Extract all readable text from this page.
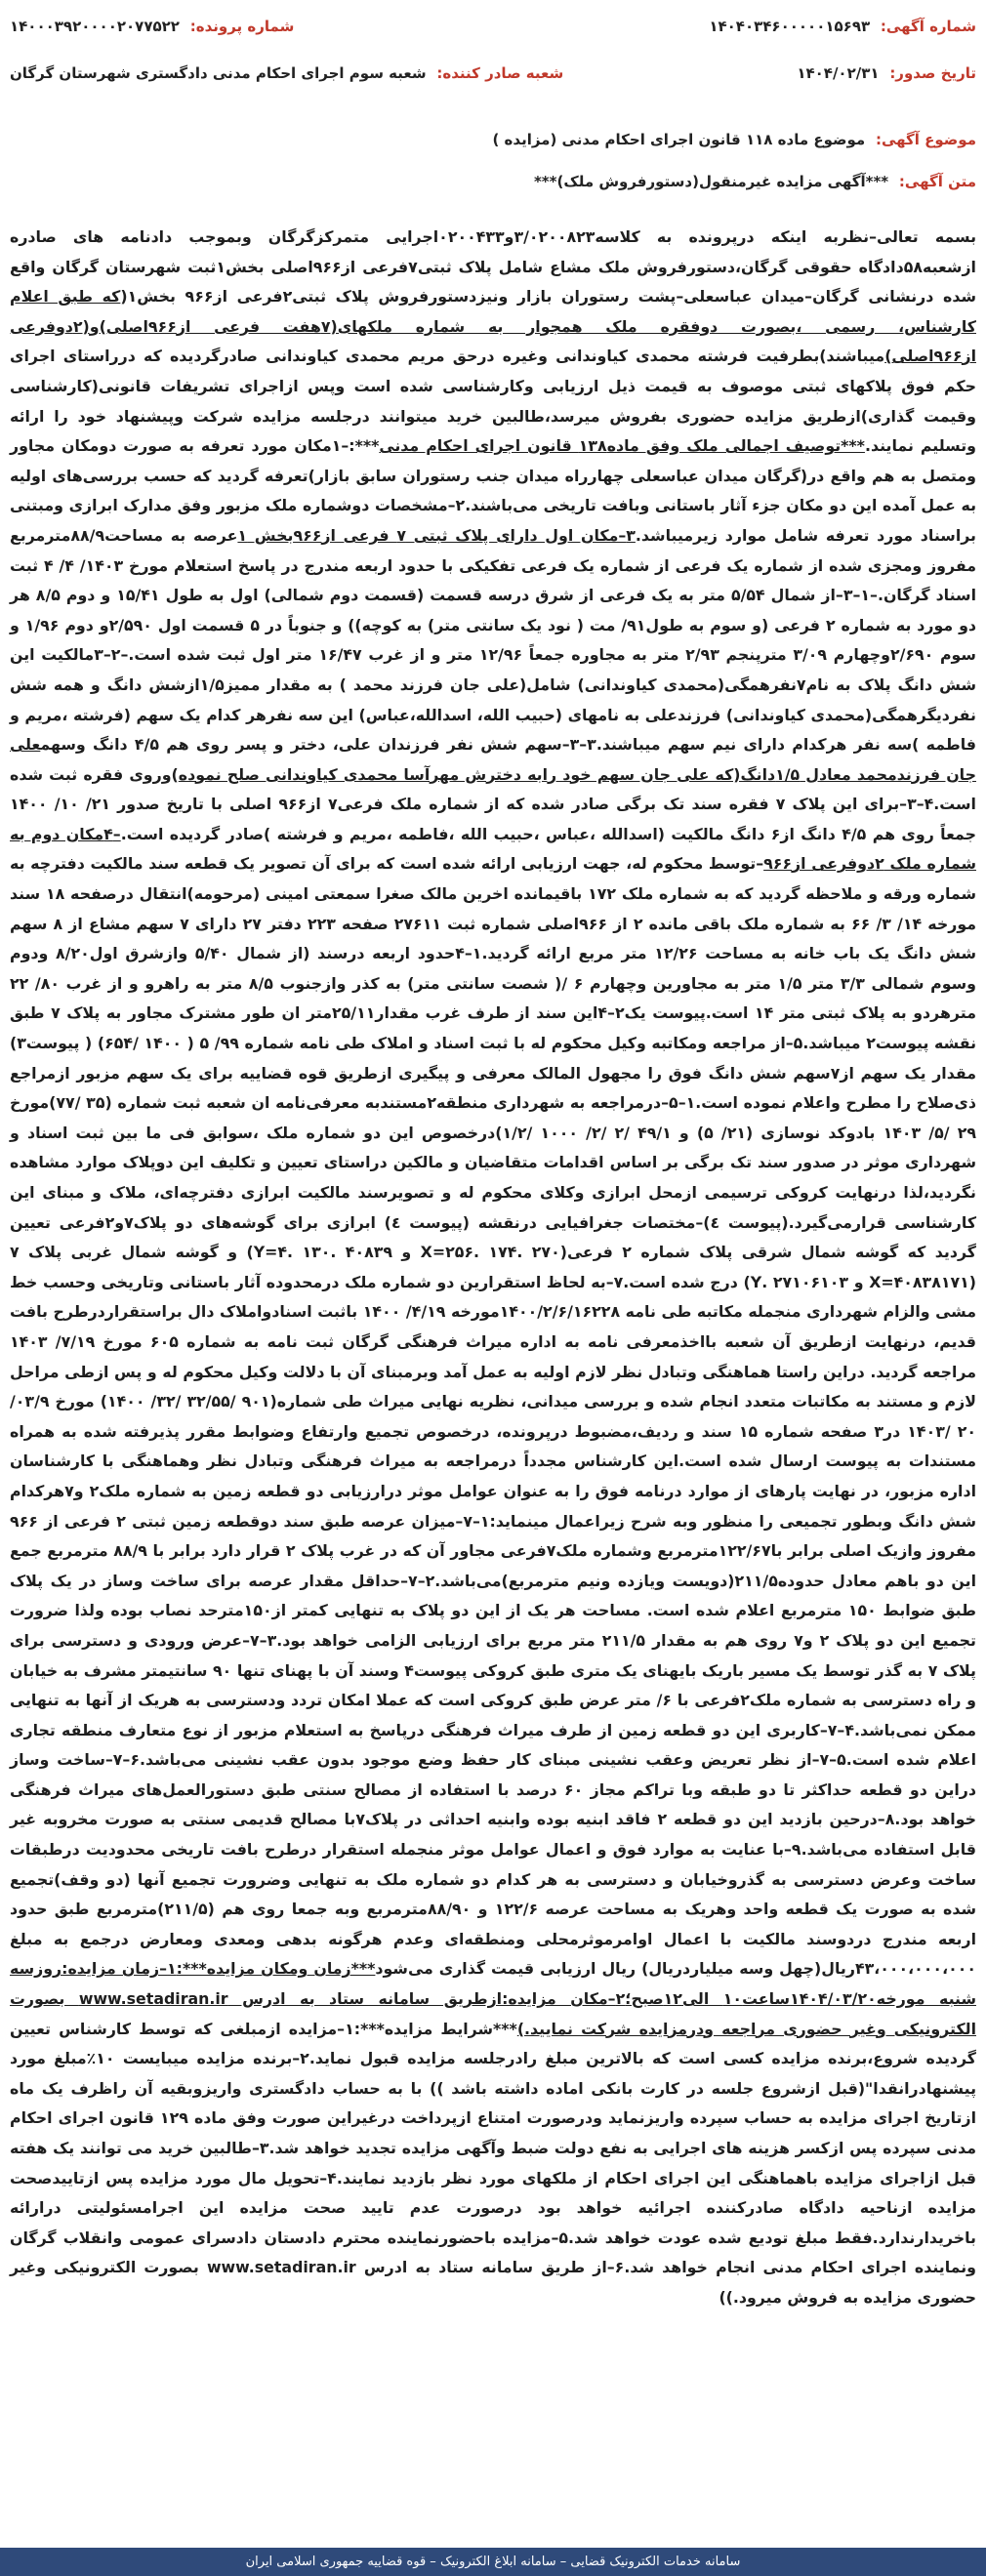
شماره آگهی: ۱۴۰۴۰۳۴۶۰۰۰۰۰۱۵۶۹۳
شماره پرونده: ۱۴۰۰۰۳۹۲۰۰۰۰۲۰۷۷۵۲۲
تاریخ صدور: ۱۴۰۴/۰۲/۳۱
شعبه صادر کننده: شعبه سوم اجرای احکام مدنی دادگستری شهرستان گرگان
موضوع آگهی: موضوع ماده ۱۱۸ قانون اجرای احکام مدنی (مزایده )
متن آگهی: ***آگهی مزایده غیرمنقول(دستورفروش ملک)***
بسمه تعالی–نظربه اینکه درپرونده به کلاسه۳/۰۲۰۰۸۲۳و۰۲۰۰۴۳۳اجرایی متمرکزگرگان وبموجب دادنامه های صادره ازشعبه۵۸دادگاه حقوقی گرگان،دستورفروش ملک مشاع شامل پلاک ثبتی۷فرعی از۹۶۶اصلی بخش۱ثبت شهرستان گرگان واقع شده درنشانی گرگان–میدان عباسعلی–پشت رستوران بازار ونیزدستورفروش پلاک ثبتی۲فرعی از۹۶۶ بخش۱(که طبق اعلام کارشناس، رسمی ،بصورت دوفقره ملک همجوار به شماره ملکهای(۷هفت فرعی از۹۶۶اصلی)و(۲دوفرعی از۹۶۶اصلی)میباشند)بطرفیت فرشته محمدی کیاوندانی وغیره درحق مریم محمدی کیاوندانی صادرگردیده که درراستای اجرای حکم فوق پلاکهای ثبتی موصوف به قیمت ذیل ارزیابی وکارشناسی شده است وپس ازاجرای تشریفات قانونی(کارشناسی وقیمت گذاری)ازطریق مزایده حضوری بفروش میرسد،طالبین خرید میتوانند درجلسه مزایده شرکت وپیشنهاد خود را ارائه وتسلیم نمایند.***توصیف اجمالی ملک وفق ماده۱۳۸ قانون اجرای احکام مدنی***:–۱مکان مورد تعرفه به صورت دومکان مجاور ومتصل به هم واقع در(گرگان میدان عباسعلی چهارراه میدان جنب رستوران سابق بازار)تعرفه گردید که حسب بررسی‌های اولیه به عمل آمده این دو مکان جزء آثار باستانی وبافت تاریخی می‌باشند.۲–مشخصات دوشماره ملک مزبور وفق مدارک ابرازی ومبتنی براسناد مورد تعرفه شامل موارد زیرمیباشد.۳–مکان اول دارای پلاک ثبتی ۷ فرعی از۹۶۶بخش ۱عرصه به مساحت۸۸/۹مترمربع مفروز ومجزی شده از شماره یک فرعی از شماره یک فرعی تفکیکی با حدود اربعه مندرج در پاسخ استعلام مورخ ۱۴۰۳/ ۴/ ۴ ثبت اسناد گرگان.–۱–۳–از شمال ۵/۵۴ متر به یک فرعی از شرق درسه قسمت (قسمت دوم شمالی) اول به طول ۱۵/۴۱ و دوم ۸/۵ هر دو مورد به شماره ۲ فرعی (و سوم به طول۹۱/ مت ( نود یک سانتی متر) به کوچه)) و جنوباً در ۵ قسمت اول ۲/۵۹۰و دوم ۱/۹۶ و سوم ۲/۶۹۰وچهارم ۳/۰۹ مترپنجم ۲/۹۳ متر به مجاوره جمعاً ۱۲/۹۶ متر و از غرب ۱۶/۴۷ متر اول ثبت شده است.–۲–۳مالکیت این شش دانگ پلاک به نام۷نفرهمگی(محمدی کیاوندانی) شامل(علی جان فرزند محمد ) به مقدار ممیز۱/۵ازشش دانگ و همه شش نفردیگرهمگی(محمدی کیاوندانی) فرزندعلی به نامهای (حبیب الله، اسدالله،عباس) این سه نفرهر کدام یک سهم (فرشته ،مریم و فاطمه )سه نفر هرکدام دارای نیم سهم میباشند.۳–۳–سهم شش نفر فرزندان علی، دختر و پسر روی هم ۴/۵ دانگ وسهمعلی جان فرزندمحمد معادل ۱/۵دانگ(که علی جان سهم خود رابه دخترش مهرآسا محمدی کیاوندانی صلح نموده)وروی فقره ثبت شده است.۴–۳–برای این پلاک ۷ فقره سند تک برگی صادر شده که از شماره ملک فرعی۷ از۹۶۶ اصلی با تاریخ صدور ۲۱/ ۱۰/ ۱۴۰۰ جمعاً روی هم ۴/۵ دانگ از۶ دانگ مالکیت (اسدالله ،عباس ،حبیب الله ،فاطمه ،مریم و فرشته )صادر گردیده است.–۴مکان دوم به شماره ملک ۲دوفرعی از۹۶۶–توسط محکوم له، جهت ارزیابی ارائه شده است که برای آن تصویر یک قطعه سند مالکیت دفترچه به شماره ورقه و ملاحظه گردید که به شماره ملک ۱۷۲ باقیمانده اخرین مالک صغرا سمعتی امینی (مرحومه)انتقال درصفحه ۱۸ سند مورخه ۱۴/ ۳/ ۶۶ به شماره ملک باقی مانده ۲ از ۹۶۶اصلی شماره ثبت ۲۷۶۱۱ صفحه ۲۲۳ دفتر ۲۷ دارای ۷ سهم مشاع از ۸ سهم شش دانگ یک باب خانه به مساحت ۱۲/۲۶ متر مربع ارائه گردید.۱–۴حدود اربعه درسند (از شمال ۵/۴۰ وازشرق اول۸/۲۰ ودوم وسوم شمالی ۳/۳ متر ۱/۵ متر به مجاورین وچهارم ۶ /( شصت سانتی متر) به کذر وازجنوب ۸/۵ متر به راهرو و از غرب ۸۰/ ۲۲ مترهردو به پلاک ثبتی متر ۱۴ است.پیوست یک۲–۴این سند از طرف غرب مقدار۲۵/۱۱متر ان طور مشترک مجاور به پلاک ۷ طبق نقشه پیوست۲ میباشد.۵–از مراجعه ومکاتبه وکیل محکوم له با ثبت اسناد و املاک طی نامه شماره ۹۹/ ۵ ( ۱۴۰۰ /۶۵۴) ( پیوست۳) مقدار یک سهم از۷سهم شش دانگ فوق را مجهول المالک معرفی و پیگیری ازطریق قوه قضاییه برای یک سهم مزبور ازمراجع ذی‌صلاح را مطرح واعلام نموده است.۱–۵–درمراجعه به شهرداری منطقه۲مستندبه معرفی‌نامه ان شعبه ثبت شماره (۳۵ /۷۷)مورخ ۲۹ /۵/ ۱۴۰۳ بادوکد نوسازی (۲۱/ ۵) و ۴۹/۱ /۲ /۲/ ۱۰۰۰ /۱/۲)درخصوص این دو شماره ملک ،سوابق فی ما بین ثبت اسناد و شهرداری موثر در صدور سند تک برگی بر اساس اقدامات متقاضیان و مالکین دراستای تعیین و تکلیف این دوپلاک موارد مشاهده نگردید،لذا درنهایت کروکی ترسیمی ازمحل ابرازی وکلای محکوم له و تصویرسند مالکیت ابرازی دفترچه‌ای، ملاک و مبنای این کارشناسی قرارمی‌گیرد.(پیوست ٤)–مختصات جغرافیایی درنقشه (پیوست ٤) ابرازی برای گوشه‌های دو پلاک۷و۲فرعی تعیین گردید که گوشه شمال شرقی پلاک شماره ۲ فرعی(۲۷۰ .۱۷۴ .۲۵۶=X و ۴۰۸۳۹ .۱۳۰ .Y=۴) و گوشه شمال غربی پلاک ۷ (۴۰۸۳۸۱۷۱=X و ۲۷۱۰۶۱۰۳ .Y) درج شده است.۷–به لحاظ استقرارین دو شماره ملک درمحدوده آثار باستانی وتاریخی وحسب خط مشی والزام شهرداری منجمله مکاتبه طی نامه ۱۴۰۰/۲/۶/۱۶۲۲۸مورخه ۴/۱۹/ ۱۴۰۰ باثبت اسنادواملاک دال براستقراردرطرح بافت قدیم، درنهایت ازطریق آن شعبه بااخذمعرفی نامه به اداره میراث فرهنگی گرگان ثبت نامه به شماره ۶۰۵ مورخ ۷/۱۹/ ۱۴۰۳ مراجعه گردید. دراین راستا هماهنگی وتبادل نظر لازم اولیه به عمل آمد وبرمبنای آن با دلالت وکیل محکوم له و پس ازطی مراحل لازم و مستند به مکاتبات متعدد انجام شده و بررسی میدانی، نظریه نهایی میراث طی شماره(۹۰۱ /۳۲/۵۵ /۳۲/ ۱۴۰۰) مورخ ۰۳/۹/ ۲۰ /۱۴۰۳ در۳ صفحه شماره ۱۵ سند و ردیف،مضبوط درپرونده، درخصوص تجمیع وارتفاع وضوابط مقرر پذیرفته شده به همراه مستندات به پیوست ارسال شده است.این کارشناس مجدداً درمراجعه به میراث فرهنگی وتبادل نظر وهماهنگی با کارشناسان اداره مزبور، در نهایت پارهای از موارد درنامه فوق را به عنوان عوامل موثر درارزیابی دو قطعه زمین به شماره ملک۲ و۷هرکدام شش دانگ وبطور تجمیعی را منظور وبه شرح زیراعمال مینماید:۱–۷–میزان عرصه طبق سند دوقطعه زمین ثبتی ۲ فرعی از ۹۶۶ مفروز وازیک اصلی برابر با۱۲۲/۶۷مترمربع وشماره ملک۷فرعی مجاور آن که در غرب پلاک ۲ قرار دارد برابر با ۸۸/۹ مترمربع جمع این دو باهم معادل حدوده۲۱۱/۵(دویست ویازده ونیم مترمربع)می‌باشد.۲–۷–حداقل مقدار عرصه برای ساخت وساز در یک پلاک طبق ضوابط ۱۵۰ مترمربع اعلام شده است. مساحت هر یک از این دو پلاک به تنهایی کمتر از۱۵۰مترحد نصاب بوده ولذا ضرورت تجمیع این دو پلاک ۲ و۷ روی هم به مقدار ۲۱۱/۵ متر مربع برای ارزیابی الزامی خواهد بود.۳–۷–عرض ورودی و دسترسی برای پلاک ۷ به گذر توسط یک مسیر باریک بایهنای یک متری طبق کروکی پیوست۴ وسند آن با پهنای تنها ۹۰ سانتیمتر مشرف به خیابان و راه دسترسی به شماره ملک۲فرعی با ۶/ متر عرض طبق کروکی است که عملا امکان تردد ودسترسی به هریک از آنها به تنهایی ممکن نمی‌باشد.۴–۷–کاربری این دو قطعه زمین از طرف میراث فرهنگی درپاسخ به استعلام مزبور از نوع متعارف منطقه تجاری اعلام شده است.۵–۷–از نظر تعریض وعقب نشینی مبنای کار حفظ وضع موجود بدون عقب نشینی می‌باشد.۶–۷–ساخت وساز دراین دو قطعه حداکثر تا دو طبقه وبا تراکم مجاز ۶۰ درصد با استفاده از مصالح سنتی طبق دستورالعمل‌های میراث فرهنگی خواهد بود.۸–درحین بازدید این دو قطعه ۲ فاقد ابنیه بوده وابنیه احداثی در پلاک۷با مصالح قدیمی سنتی به صورت مخروبه غیر قابل استفاده می‌باشد.۹–با عنایت به موارد فوق و اعمال عوامل موثر منجمله استقرار درطرح بافت تاریخی محدودیت درطبقات ساخت وعرض دسترسی به گذروخیابان و دسترسی به هر کدام دو شماره ملک به تنهایی وضرورت تجمیع آنها (دو وقف)تجمیع شده به صورت یک قطعه واحد وهریک به مساحت عرصه ۱۲۲/۶ و ۸۸/۹۰مترمربع وبه جمعا روی هم (۲۱۱/۵)مترمربع طبق حدود اربعه مندرج دردوسند مالکیت با اعمال اوامرموثرمحلی ومنطقه‌ای وعدم هرگونه بدهی ومعدی ومعارض درجمع به مبلغ ۴۳،۰۰۰،۰۰۰،۰۰۰ریال(چهل وسه میلیاردریال) ریال ارزیابی قیمت گذاری می‌شود***زمان ومکان مزایده***:۱–زمان مزایده:روزسه شنبه مورخه۱۴۰۴/۰۳/۲۰ساعت۱۰ الی۱۲صبح؛۲–مکان مزایده:ازطریق سامانه ستاد به ادرس www.setadiran.ir بصورت الکترونیکی وغیر حضوری مراجعه ودرمزایده شرکت نمایید.)***شرایط مزایده***:۱–مزایده ازمبلغی که توسط کارشناس تعیین گردیده شروع،برنده مزایده کسی است که بالاترین مبلغ رادرجلسه مزایده قبول نماید.۲–برنده مزایده میبایست ۱۰٪مبلغ مورد پیشنهادرانقدا"(قبل ازشروع جلسه در کارت بانکی اماده داشته باشد )) با به حساب دادگستری واریزوبقیه آن راظرف یک ماه ازتاریخ اجرای مزایده به حساب سپرده واریزنماید ودرصورت امتناع ازپرداخت درغیراین صورت وفق ماده ۱۲۹ قانون اجرای احکام مدنی سپرده پس ازکسر هزینه های اجرایی به نفع دولت ضبط وآگهی مزایده تجدید خواهد شد.۳–طالبین خرید می توانند یک هفته قبل ازاجرای مزایده باهماهنگی این اجرای احکام از ملکهای مورد نظر بازدید نمایند.۴–تحویل مال مورد مزایده پس ازتاییدصحت مزایده ازناحیه دادگاه صادرکننده اجرائیه خواهد بود درصورت عدم تایید صحت مزایده این اجرامسئولیتی درارائه باخریدارندارد.فقط مبلغ تودیع شده عودت خواهد شد.۵–مزایده باحضورنماینده محترم دادستان دادسرای عمومی وانقلاب گرگان ونماینده اجرای احکام مدنی انجام خواهد شد.۶–از طریق سامانه ستاد به ادرس www.setadiran.ir بصورت الکترونیکی وغیر حضوری مزایده به فروش میرود.))
سامانه خدمات الکترونیک قضایی – سامانه ابلاغ الکترونیک – قوه قضاییه جمهوری اسلامی ایران
